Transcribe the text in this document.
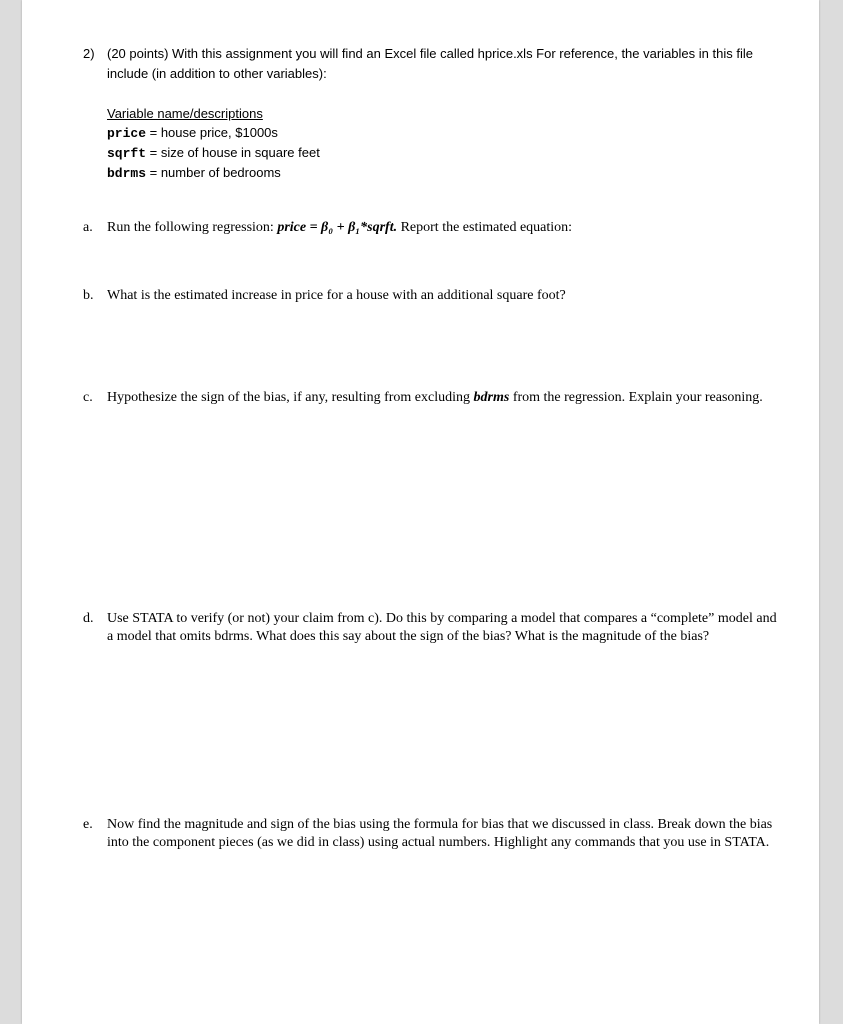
2) (20 points) With this assignment you will find an Excel file called hprice.xls For reference, the variables in this file include (in addition to other variables):
Variable name/descriptions
price = house price, $1000s
sqrft = size of house in square feet
bdrms = number of bedrooms
a. Run the following regression: price = β₀ + β₁*sqrft. Report the estimated equation:
b. What is the estimated increase in price for a house with an additional square foot?
c. Hypothesize the sign of the bias, if any, resulting from excluding bdrms from the regression. Explain your reasoning.
d. Use STATA to verify (or not) your claim from c). Do this by comparing a model that compares a “complete” model and a model that omits bdrms. What does this say about the sign of the bias? What is the magnitude of the bias?
e. Now find the magnitude and sign of the bias using the formula for bias that we discussed in class. Break down the bias into the component pieces (as we did in class) using actual numbers. Highlight any commands that you use in STATA.
